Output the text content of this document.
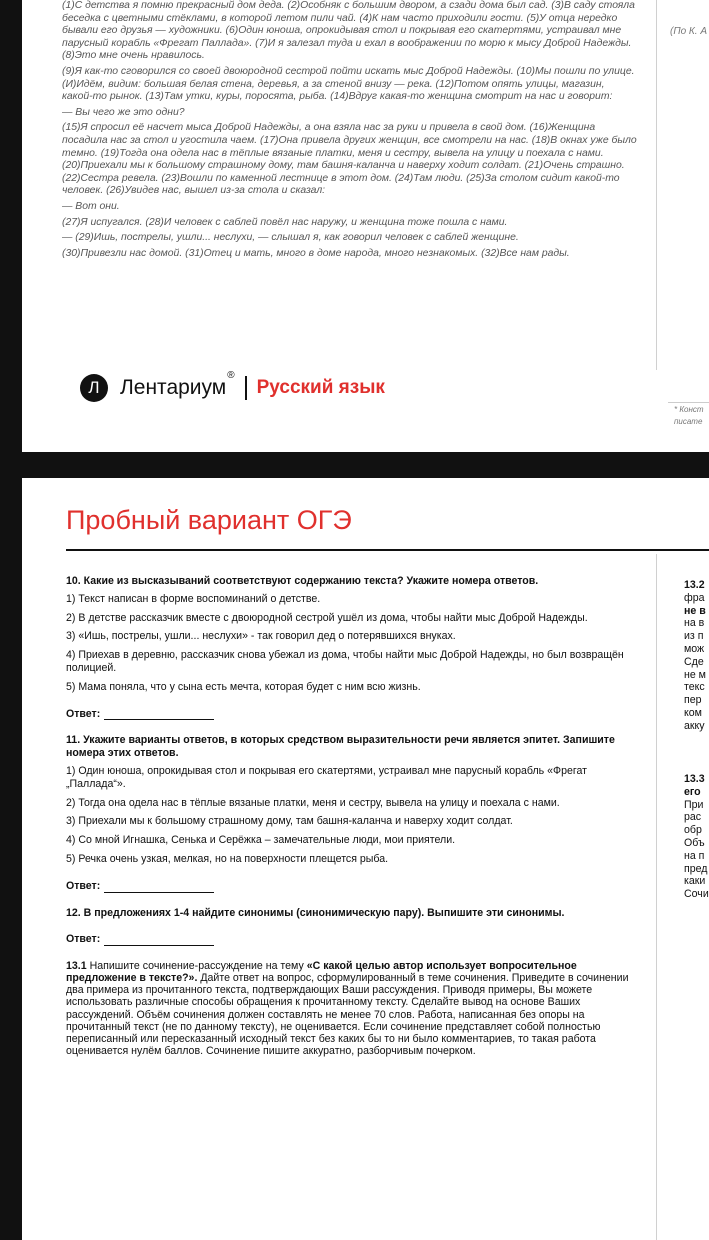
(1)С детства я помню прекрасный дом деда. (2)Особняк с большим двором, а сзади дома был сад. (3)В саду стояла беседка с цветными стёклами, в которой летом пили чай. (4)К нам часто приходили гости. (5)У отца нередко бывали его друзья — художники. (6)Один юноша, опрокидывая стол и покрывая его скатертями, устраивал мне парусный корабль «Фрегат Паллада». (7)И я залезал туда и ехал в воображении по морю к мысу Доброй Надежды. (8)Это мне очень нравилось.

(9)Я как-то сговорился со своей двоюродной сестрой пойти искать мыс Доброй Надежды. (10)Мы пошли по улице. (И)Идём, видим: большая белая стена, деревья, а за стеной внизу — река. (12)Потом опять улицы, магазин, какой-то рынок. (13)Там утки, куры, поросята, рыба. (14)Вдруг какая-то женщина смотрит на нас и говорит:

— Вы чего же это одни?

(15)Я спросил её насчет мыса Доброй Надежды, а она взяла нас за руки и привела в свой дом. (16)Женщина посадила нас за стол и угостила чаем. (17)Она привела других женщин, все смотрели на нас. (18)В окнах уже было темно. (19)Тогда она одела нас в тёплые вязаные платки, меня и сестру, вывела на улицу и поехала с нами. (20)Приехали мы к большому страшному дому, там башня-каланча и наверху ходит солдат. (21)Очень страшно. (22)Сестра ревела. (23)Вошли по каменной лестнице в этот дом. (24)Там люди. (25)За столом сидит какой-то человек. (26)Увидев нас, вышел из-за стола и сказал:

— Вот они.

(27)Я испугался. (28)И человек с саблей повёл нас наружу, и женщина тоже пошла с нами.

— (29)Ишь, пострелы, ушли... неслухи, — слышал я, как говорил человек с саблей женщине.

(30)Привезли нас домой. (31)Отец и мать, много в доме народа, много незнакомых. (32)Все нам рады.

(По К. А
* Конст
писате
Л Лентариум®
Русский язык
Пробный вариант ОГЭ
10. Какие из высказываний соответствуют содержанию текста? Укажите номера ответов.
1) Текст написан в форме воспоминаний о детстве.
2) В детстве рассказчик вместе с двоюродной сестрой ушёл из дома, чтобы найти мыс Доброй Надежды.
3) «Ишь, пострелы, ушли... неслухи» - так говорил дед о потерявшихся внуках.
4) Приехав в деревню, рассказчик снова убежал из дома, чтобы найти мыс Доброй Надежды, но был возвращён полицией.
5) Мама поняла, что у сына есть мечта, которая будет с ним всю жизнь.
Ответ:
11. Укажите варианты ответов, в которых средством выразительности речи является эпитет. Запишите номера этих ответов.
1) Один юноша, опрокидывая стол и покрывая его скатертями, устраивал мне парусный корабль «Фрегат „Паллада“».
2) Тогда она одела нас в тёплые вязаные платки, меня и сестру, вывела на улицу и поехала с нами.
3) Приехали мы к большому страшному дому, там башня-каланча и наверху ходит солдат.
4) Со мной Игнашка, Сенька и Серёжка – замечательные люди, мои приятели.
5) Речка очень узкая, мелкая, но на поверхности плещется рыба.
Ответ:
12. В предложениях 1-4 найдите синонимы (синонимическую пару). Выпишите эти синонимы.
Ответ:

13.1 Напишите сочинение-рассуждение на тему «С какой целью автор использует вопросительное предложение в тексте?». Дайте ответ на вопрос, сформулированный в теме сочинения. Приведите в сочинении два примера из прочитанного текста, подтверждающих Ваши рассуждения. Приводя примеры, Вы можете использовать различные способы обращения к прочитанному тексту. Сделайте вывод на основе Ваших рассуждений. Объём сочинения должен составлять не менее 70 слов. Работа, написанная без опоры на прочитанный текст (не по данному тексту), не оценивается. Если сочинение представляет собой полностью переписанный или пересказанный исходный текст без каких бы то ни было комментариев, то такая работа оценивается нулём баллов. Сочинение пишите аккуратно, разборчивым почерком.

13.2
фра
не в
на в
из п
мож
Сде
не м
текс
пер
ком
акку
13.3
его
При
рас
обр
Объ
на п
пред
каки
Сочи
